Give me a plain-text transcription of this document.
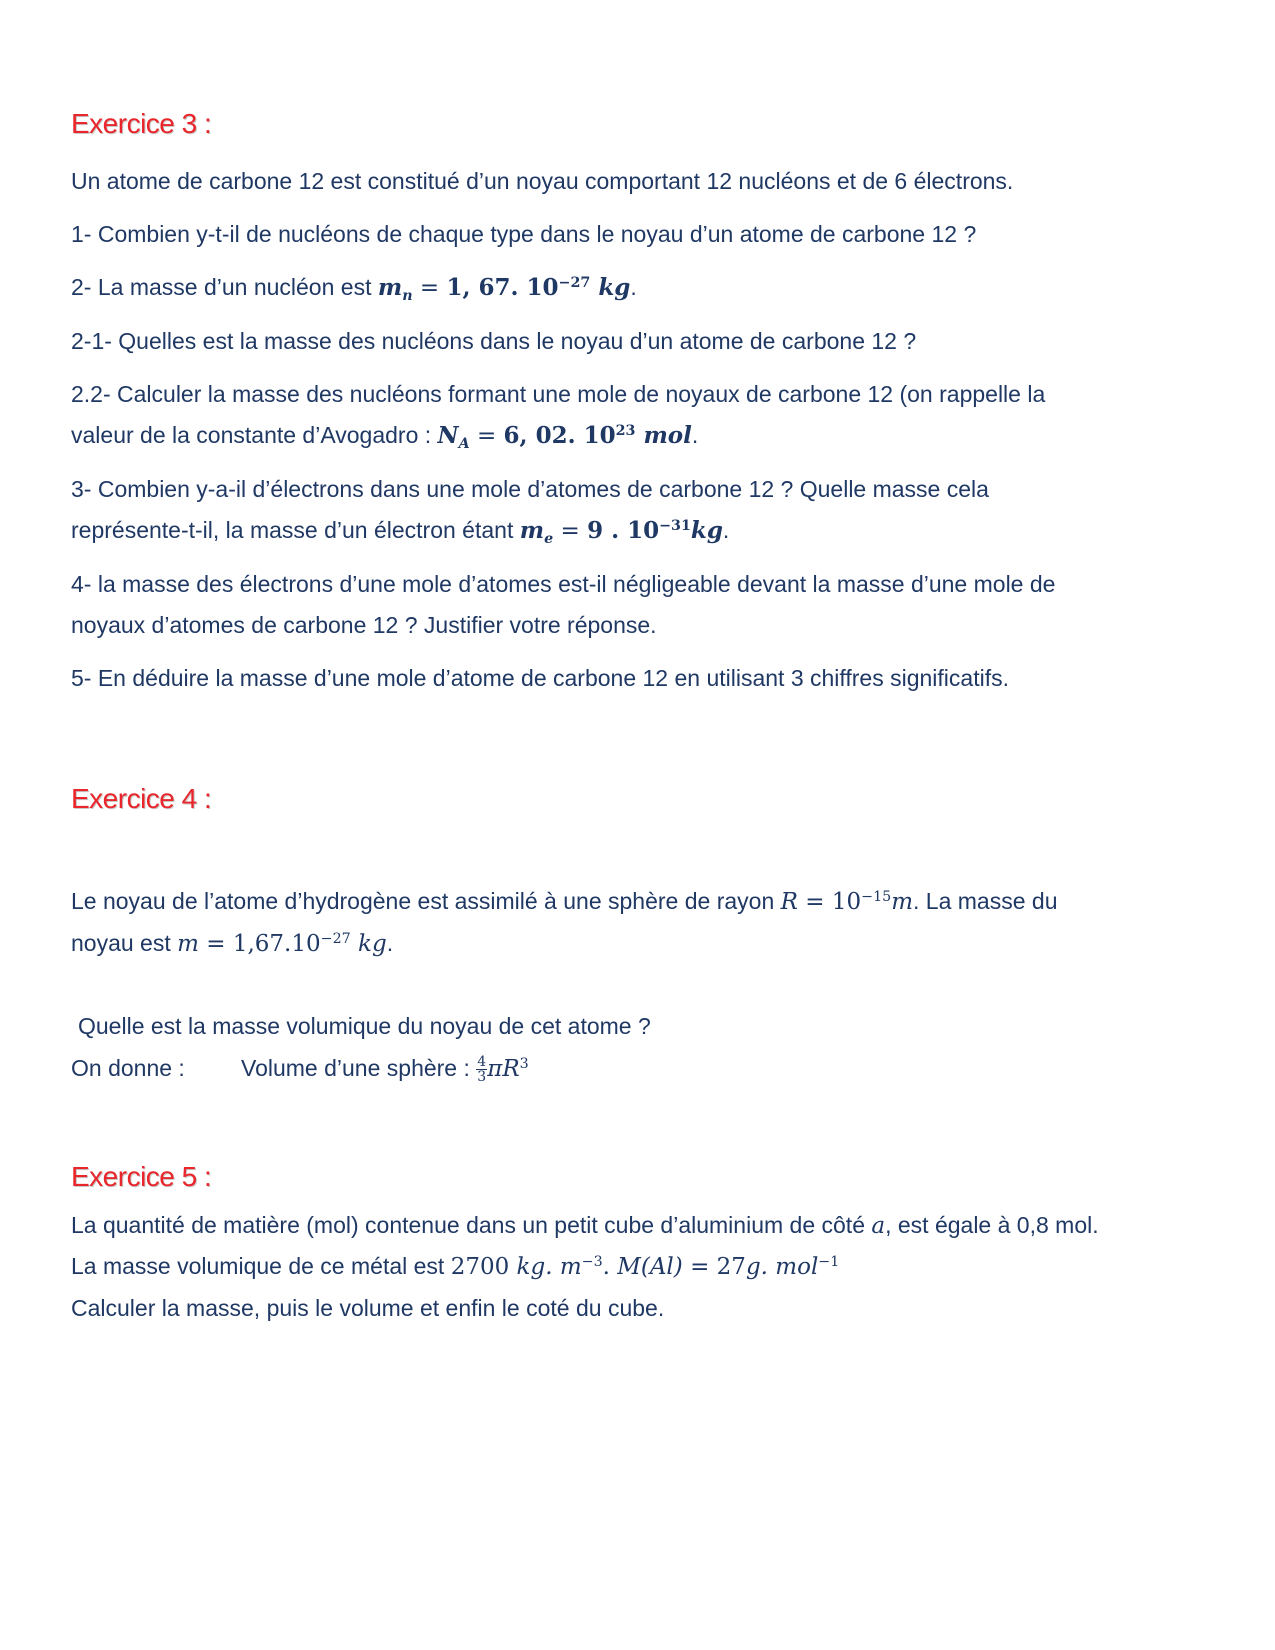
Exercice 3 :
Un atome de carbone 12 est constitué d’un noyau comportant 12 nucléons et de 6 électrons.
1- Combien y-t-il de nucléons de chaque type dans le noyau d’un atome de carbone 12 ?
2- La masse d’un nucléon est $m_n = 1$, 67. $10^{-27}$ kg.
2-1- Quelles est la masse des nucléons dans le noyau d’un atome de carbone 12 ?
2.2- Calculer la masse des nucléons formant une mole de noyaux de carbone 12 (on rappelle la
valeur de la constante d’Avogadro : $N_A = 6$, 02. $10^{23}$ mol.
3- Combien y-a-il d’électrons dans une mole d’atomes de carbone 12 ? Quelle masse cela
représente-t-il, la masse d’un électron étant $m_e = 9$ . $10^{-31}kg$.
4- la masse des électrons d’une mole d’atomes est-il négligeable devant la masse d’une mole de
noyaux d’atomes de carbone 12 ? Justifier votre réponse.
5- En déduire la masse d’une mole d’atome de carbone 12 en utilisant 3 chiffres significatifs.
Exercice 4 :
Le noyau de l’atome d’hydrogène est assimilé à une sphère de rayon $R = 10^{-15}m$. La masse du
noyau est $m = 1,67.10^{-27}$ kg.
Quelle est la masse volumique du noyau de cet atome ?
On donne : Volume d’une sphère : $\frac{4}{3} \pi R^3$
Exercice 5 :
La quantité de matière (mol) contenue dans un petit cube d’aluminium de côté a, est égale à 0,8 mol.
La masse volumique de ce métal est 2700 kg. $m^{-3}$. M(Al) = 27g. mol$^{-1}$
Calculer la masse, puis le volume et enfin le coté du cube.
